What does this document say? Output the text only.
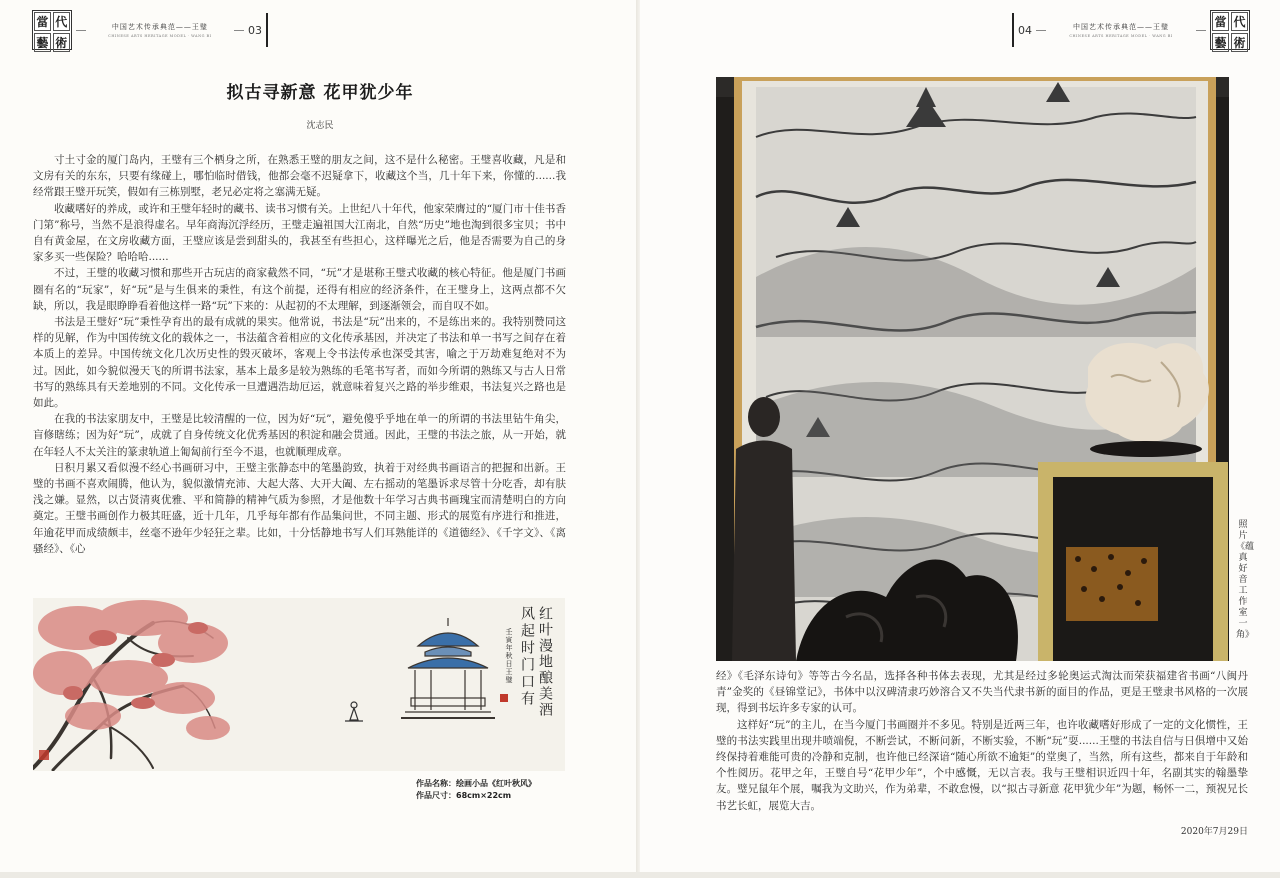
當 代
藝 術
中国艺术传承典范——王璧
CHINESE ARTS HERITAGE MODEL · WANG BI	03
拟古寻新意 花甲犹少年
沈志民

寸土寸金的厦门岛内，王璧有三个栖身之所，在熟悉王璧的朋友之间，这不是什么秘密。王璧喜收藏，凡是和文房有关的东东，只要有缘碰上，哪怕临时借钱，他都会毫不迟疑拿下，收藏这个当，几十年下来，你懂的......我经常跟王璧开玩笑，假如有三栋别墅，老兄必定将之塞满无疑。

收藏嗜好的养成，或许和王璧年轻时的藏书、读书习惯有关。上世纪八十年代，他家荣膺过的“厦门市十佳书香门第”称号，当然不是浪得虚名。早年商海沉浮经历，王璧走遍祖国大江南北，自然“历史”地也淘到很多宝贝；书中自有黄金屋，在文房收藏方面，王璧应该是尝到甜头的，我甚至有些担心，这样曝光之后，他是否需要为自己的身家多买一些保险？哈哈哈......

不过，王璧的收藏习惯和那些开古玩店的商家截然不同，“玩”才是堪称王璧式收藏的核心特征。他是厦门书画圈有名的“玩家”，好“玩”是与生俱来的秉性，有这个前提，还得有相应的经济条件，在王璧身上，这两点都不欠缺，所以，我是眼睁睁看着他这样一路“玩”下来的：从起初的不太理解，到逐渐领会，而自叹不如。

书法是王璧好“玩”秉性孕育出的最有成就的果实。他常说，书法是“玩”出来的，不是练出来的。我特别赞同这样的见解，作为中国传统文化的载体之一，书法蕴含着相应的文化传承基因，并决定了书法和单一书写之间存在着本质上的差异。中国传统文化几次历史性的毁灭破坏，客观上令书法传承也深受其害，喻之于万劫难复绝对不为过。因此，如今貌似漫天飞的所谓书法家，基本上最多是较为熟练的毛笔书写者，而如今所谓的熟练又与古人日常书写的熟练具有天差地别的不同。文化传承一旦遭遇浩劫厄运，就意味着复兴之路的举步维艰，书法复兴之路也是如此。

在我的书法家朋友中，王璧是比较清醒的一位，因为好“玩”，避免傻乎乎地在单一的所谓的书法里钻牛角尖，盲修瞎练；因为好“玩”，成就了自身传统文化优秀基因的积淀和融会贯通。因此，王璧的书法之旅，从一开始，就在年轻人不太关注的篆隶轨道上匍匐前行至今不退，也就顺理成章。

日积月累又看似漫不经心书画研习中，王璧主张静态中的笔墨韵致，执着于对经典书画语言的把握和出新。王璧的书画不喜欢闹腾，他认为，貌似激情充沛、大起大落、大开大阖、左右摇动的笔墨诉求尽管十分吃香，却有肤浅之嫌。显然，以古贤清爽优雅、平和简静的精神气质为参照，才是他数十年学习古典书画瑰宝而清楚明白的方向奠定。王璧书画创作力极其旺盛，近十几年，几乎每年都有作品集问世，不同主题、形式的展览有序进行和推进，年逾花甲而成绩颇丰，丝毫不逊年少轻狂之辈。比如，十分恬静地书写人们耳熟能详的《道德经》、《千字文》、《离骚经》、《心

红叶漫地酿美酒
风起时门口有
壬寅年秋日王璧
作品名称：绘画小品《红叶秋风》
作品尺寸：68cm×22cm
04	中国艺术传承典范——王璧
CHINESE ARTS HERITAGE MODEL · WANG BI
當 代
藝 術
照片《蕴真好音工作室一角》

经》《毛泽东诗句》等等古今名品，选择各种书体去表现，尤其是经过多轮奥运式淘汰而荣获福建省书画“八闽丹青”金奖的《昼锦堂记》，书体中以汉碑清隶巧妙溶合又不失当代隶书新的面目的作品，更是王璧隶书风格的一次展现，得到书坛许多专家的认可。

这样好“玩”的主儿，在当今厦门书画圈并不多见。特别是近两三年，也许收藏嗜好形成了一定的文化惯性，王璧的书法实践里出现井喷端倪，不断尝试，不断问新，不断实验，不断“玩”耍......王璧的书法自信与日俱增中又始终保持着难能可贵的冷静和克制，也许他已经深谙“随心所欲不逾矩”的堂奥了，当然，所有这些，都来自于年龄和个性阅历。花甲之年，王璧自号“花甲少年”，个中感慨，无以言表。我与王璧相识近四十年，名副其实的翰墨挚友。璧兄鼠年个展，嘱我为文助兴，作为弟辈，不敢怠慢，以“拟古寻新意 花甲犹少年”为题，畅怀一二，预祝兄长书艺长虹，展览大吉。

2020年7月29日
